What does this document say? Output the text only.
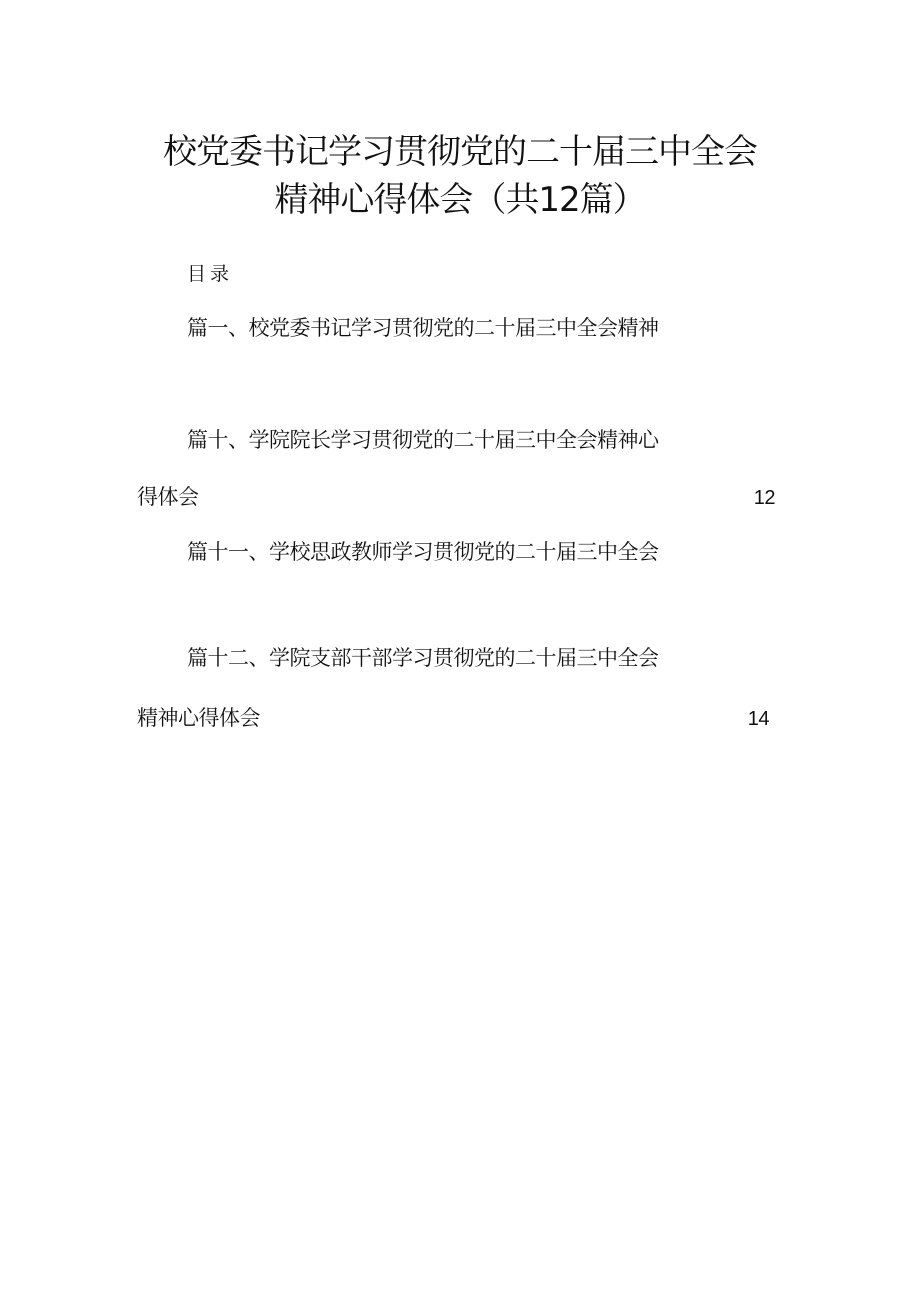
校党委书记学习贯彻党的二十届三中全会
精神心得体会（共12篇）
目录
篇一、校党委书记学习贯彻党的二十届三中全会精神
篇十、学院院长学习贯彻党的二十届三中全会精神心
得体会	12
篇十一、学校思政教师学习贯彻党的二十届三中全会
篇十二、学院支部干部学习贯彻党的二十届三中全会
精神心得体会	14
